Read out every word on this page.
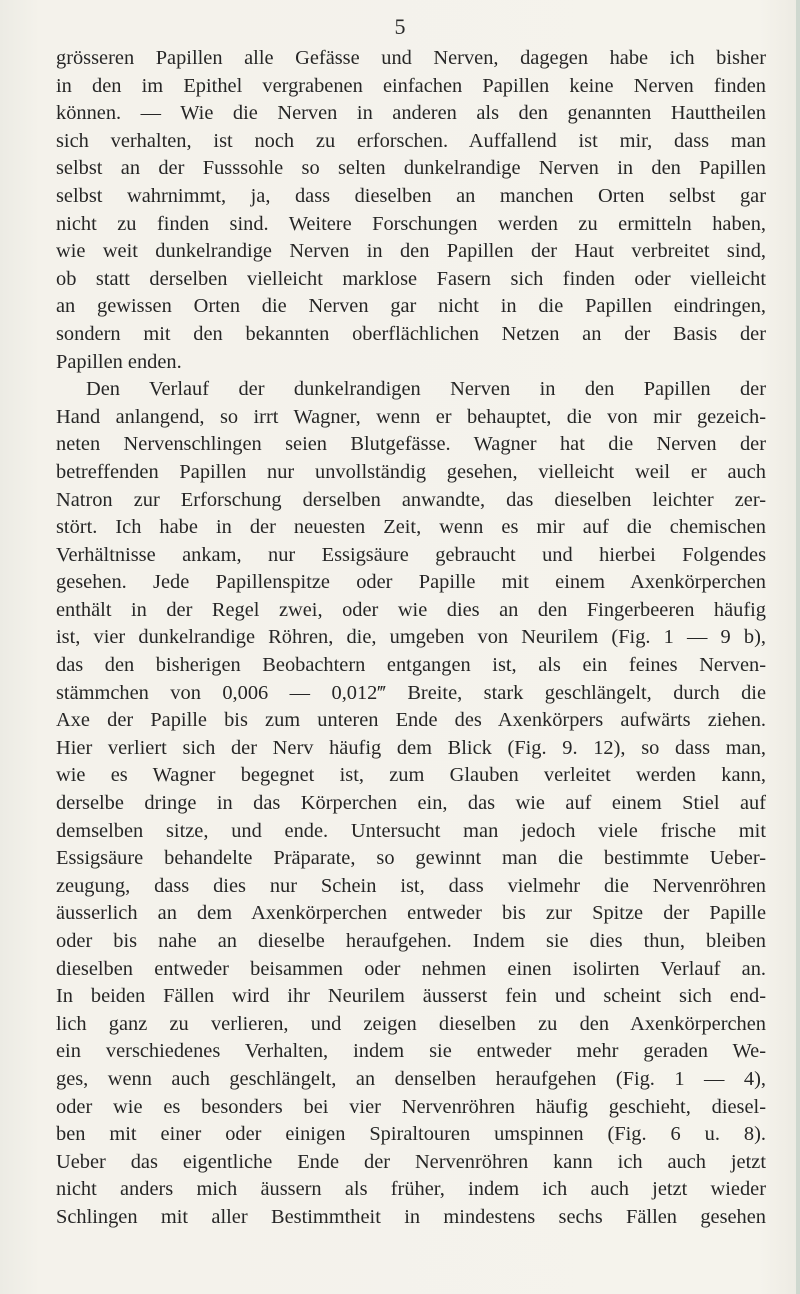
5
grösseren Papillen alle Gefässe und Nerven, dagegen habe ich bisher
in den im Epithel vergrabenen einfachen Papillen keine Nerven finden
können. — Wie die Nerven in anderen als den genannten Hauttheilen
sich verhalten, ist noch zu erforschen. Auffallend ist mir, dass man
selbst an der Fusssohle so selten dunkelrandige Nerven in den Papillen
selbst wahrnimmt, ja, dass dieselben an manchen Orten selbst gar
nicht zu finden sind. Weitere Forschungen werden zu ermitteln haben,
wie weit dunkelrandige Nerven in den Papillen der Haut verbreitet sind,
ob statt derselben vielleicht marklose Fasern sich finden oder vielleicht
an gewissen Orten die Nerven gar nicht in die Papillen eindringen,
sondern mit den bekannten oberflächlichen Netzen an der Basis der
Papillen enden.
Den Verlauf der dunkelrandigen Nerven in den Papillen der
Hand anlangend, so irrt Wagner, wenn er behauptet, die von mir gezeich-
neten Nervenschlingen seien Blutgefässe. Wagner hat die Nerven der
betreffenden Papillen nur unvollständig gesehen, vielleicht weil er auch
Natron zur Erforschung derselben anwandte, das dieselben leichter zer-
stört. Ich habe in der neuesten Zeit, wenn es mir auf die chemischen
Verhältnisse ankam, nur Essigsäure gebraucht und hierbei Folgendes
gesehen. Jede Papillenspitze oder Papille mit einem Axenkörperchen
enthält in der Regel zwei, oder wie dies an den Fingerbeeren häufig
ist, vier dunkelrandige Röhren, die, umgeben von Neurilem (Fig. 1 — 9 b),
das den bisherigen Beobachtern entgangen ist, als ein feines Nerven-
stämmchen von 0,006 — 0,012‴ Breite, stark geschlängelt, durch die
Axe der Papille bis zum unteren Ende des Axenkörpers aufwärts ziehen.
Hier verliert sich der Nerv häufig dem Blick (Fig. 9. 12), so dass man,
wie es Wagner begegnet ist, zum Glauben verleitet werden kann,
derselbe dringe in das Körperchen ein, das wie auf einem Stiel auf
demselben sitze, und ende. Untersucht man jedoch viele frische mit
Essigsäure behandelte Präparate, so gewinnt man die bestimmte Ueber-
zeugung, dass dies nur Schein ist, dass vielmehr die Nervenröhren
äusserlich an dem Axenkörperchen entweder bis zur Spitze der Papille
oder bis nahe an dieselbe heraufgehen. Indem sie dies thun, bleiben
dieselben entweder beisammen oder nehmen einen isolirten Verlauf an.
In beiden Fällen wird ihr Neurilem äusserst fein und scheint sich end-
lich ganz zu verlieren, und zeigen dieselben zu den Axenkörperchen
ein verschiedenes Verhalten, indem sie entweder mehr geraden We-
ges, wenn auch geschlängelt, an denselben heraufgehen (Fig. 1 — 4),
oder wie es besonders bei vier Nervenröhren häufig geschieht, diesel-
ben mit einer oder einigen Spiraltouren umspinnen (Fig. 6 u. 8).
Ueber das eigentliche Ende der Nervenröhren kann ich auch jetzt
nicht anders mich äussern als früher, indem ich auch jetzt wieder
Schlingen mit aller Bestimmtheit in mindestens sechs Fällen gesehen
